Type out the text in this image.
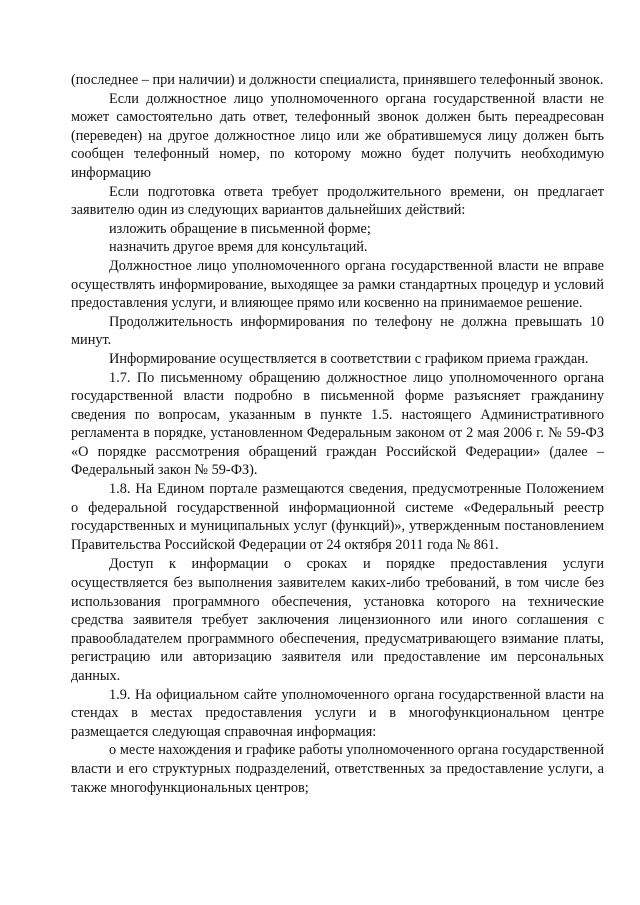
(последнее – при наличии) и должности специалиста, принявшего телефонный звонок.

Если должностное лицо уполномоченного органа государственной власти не может самостоятельно дать ответ, телефонный звонок должен быть переадресован (переведен) на другое должностное лицо или же обратившемуся лицу должен быть сообщен телефонный номер, по которому можно будет получить необходимую информацию

Если подготовка ответа требует продолжительного времени, он предлагает заявителю один из следующих вариантов дальнейших действий:

изложить обращение в письменной форме;

назначить другое время для консультаций.

Должностное лицо уполномоченного органа государственной власти не вправе осуществлять информирование, выходящее за рамки стандартных процедур и условий предоставления услуги, и влияющее прямо или косвенно на принимаемое решение.

Продолжительность информирования по телефону не должна превышать 10 минут.

Информирование осуществляется в соответствии с графиком приема граждан.

1.7. По письменному обращению должностное лицо уполномоченного органа государственной власти подробно в письменной форме разъясняет гражданину сведения по вопросам, указанным в пункте 1.5. настоящего Административного регламента в порядке, установленном Федеральным законом от 2 мая 2006 г. № 59-ФЗ «О порядке рассмотрения обращений граждан Российской Федерации» (далее – Федеральный закон № 59-ФЗ).

1.8. На Едином портале размещаются сведения, предусмотренные Положением о федеральной государственной информационной системе «Федеральный реестр государственных и муниципальных услуг (функций)», утвержденным постановлением Правительства Российской Федерации от 24 октября 2011 года № 861.

Доступ к информации о сроках и порядке предоставления услуги осуществляется без выполнения заявителем каких-либо требований, в том числе без использования программного обеспечения, установка которого на технические средства заявителя требует заключения лицензионного или иного соглашения с правообладателем программного обеспечения, предусматривающего взимание платы, регистрацию или авторизацию заявителя или предоставление им персональных данных.

1.9. На официальном сайте уполномоченного органа государственной власти на стендах в местах предоставления услуги и в многофункциональном центре размещается следующая справочная информация:

о месте нахождения и графике работы уполномоченного органа государственной власти и его структурных подразделений, ответственных за предоставление услуги, а также многофункциональных центров;
